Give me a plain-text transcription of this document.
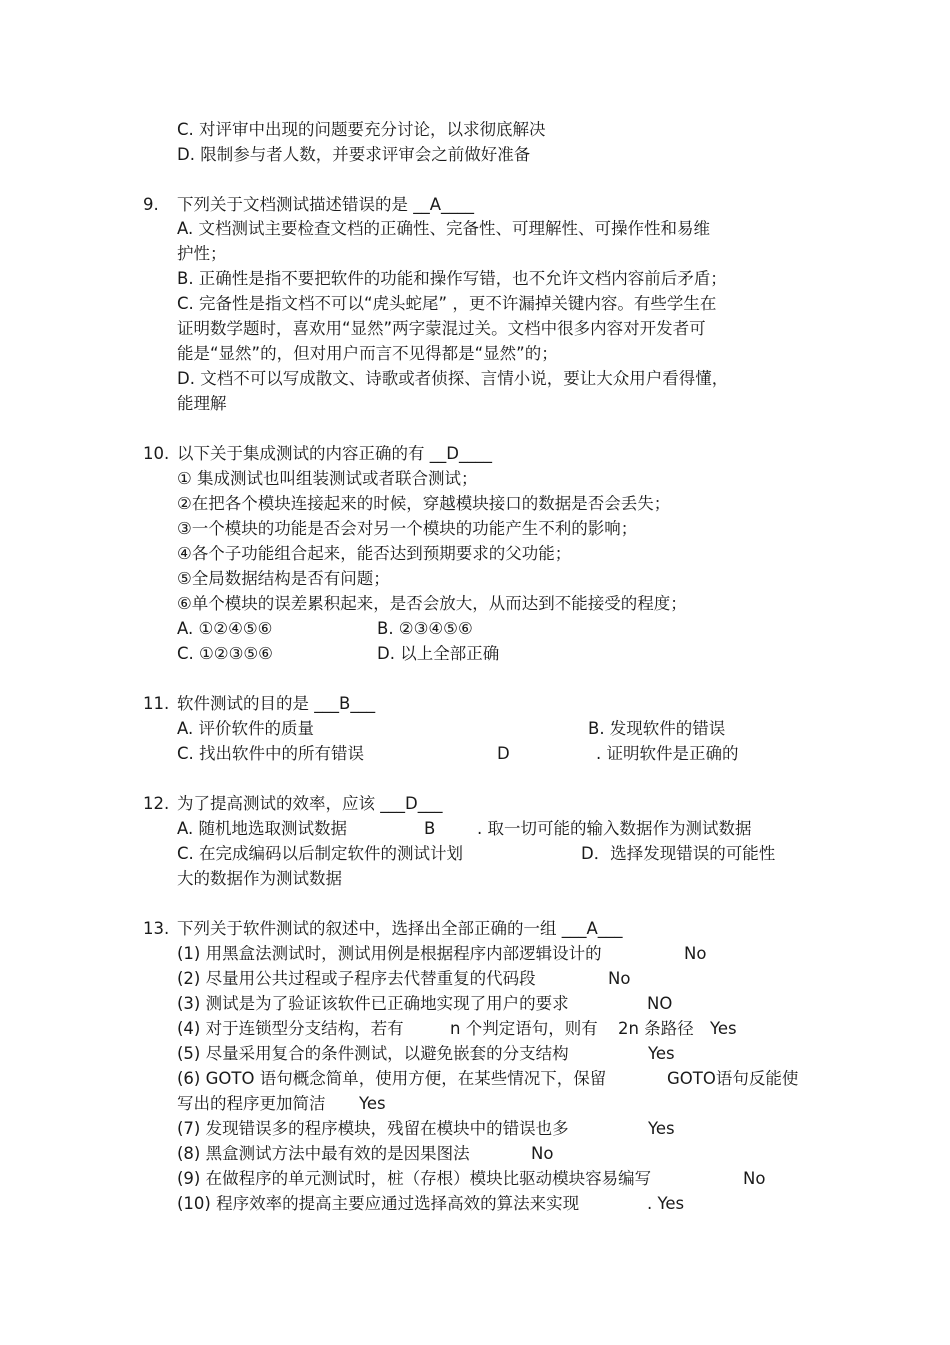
C. 对评审中出现的问题要充分讨论，以求彻底解决
D. 限制参与者人数，并要求评审会之前做好准备
9. 下列关于文档测试描述错误的是 __A____
A. 文档测试主要检查文档的正确性、完备性、可理解性、可操作性和易维
护性；
B. 正确性是指不要把软件的功能和操作写错，也不允许文档内容前后矛盾；
C. 完备性是指文档不可以“虎头蛇尾” ，更不许漏掉关键内容。有些学生在
证明数学题时，喜欢用“显然”两字蒙混过关。文档中很多内容对开发者可
能是“显然”的，但对用户而言不见得都是“显然”的；
D. 文档不可以写成散文、诗歌或者侦探、言情小说，要让大众用户看得懂，
能理解
10. 以下关于集成测试的内容正确的有 __D____
① 集成测试也叫组装测试或者联合测试；
②在把各个模块连接起来的时候，穿越模块接口的数据是否会丢失；
③一个模块的功能是否会对另一个模块的功能产生不利的影响；
④各个子功能组合起来，能否达到预期要求的父功能；
⑤全局数据结构是否有问题；
⑥单个模块的误差累积起来，是否会放大，从而达到不能接受的程度；
A. ①②④⑤⑥	B. ②③④⑤⑥
C. ①②③⑤⑥	D. 以上全部正确
11. 软件测试的目的是 ___B___
A. 评价软件的质量	B. 发现软件的错误
C. 找出软件中的所有错误	D	. 证明软件是正确的
12. 为了提高测试的效率，应该 ___D___
A. 随机地选取测试数据	B	. 取一切可能的输入数据作为测试数据
C. 在完成编码以后制定软件的测试计划	D．选择发现错误的可能性
大的数据作为测试数据
13. 下列关于软件测试的叙述中，选择出全部正确的一组 ___A___
(1) 用黑盒法测试时，测试用例是根据程序内部逻辑设计的	No
(2) 尽量用公共过程或子程序去代替重复的代码段	No
(3) 测试是为了验证该软件已正确地实现了用户的要求	NO
(4) 对于连锁型分支结构，若有	n 个判定语句，则有 2n 条路径 Yes
(5) 尽量采用复合的条件测试，以避免嵌套的分支结构	Yes
(6) GOTO 语句概念简单，使用方便，在某些情况下，保留	GOTO语句反能使
写出的程序更加简洁 Yes
(7) 发现错误多的程序模块，残留在模块中的错误也多	Yes
(8) 黑盒测试方法中最有效的是因果图法	No
(9) 在做程序的单元测试时，桩（存根）模块比驱动模块容易编写	No
(10) 程序效率的提高主要应通过选择高效的算法来实现	. Yes
